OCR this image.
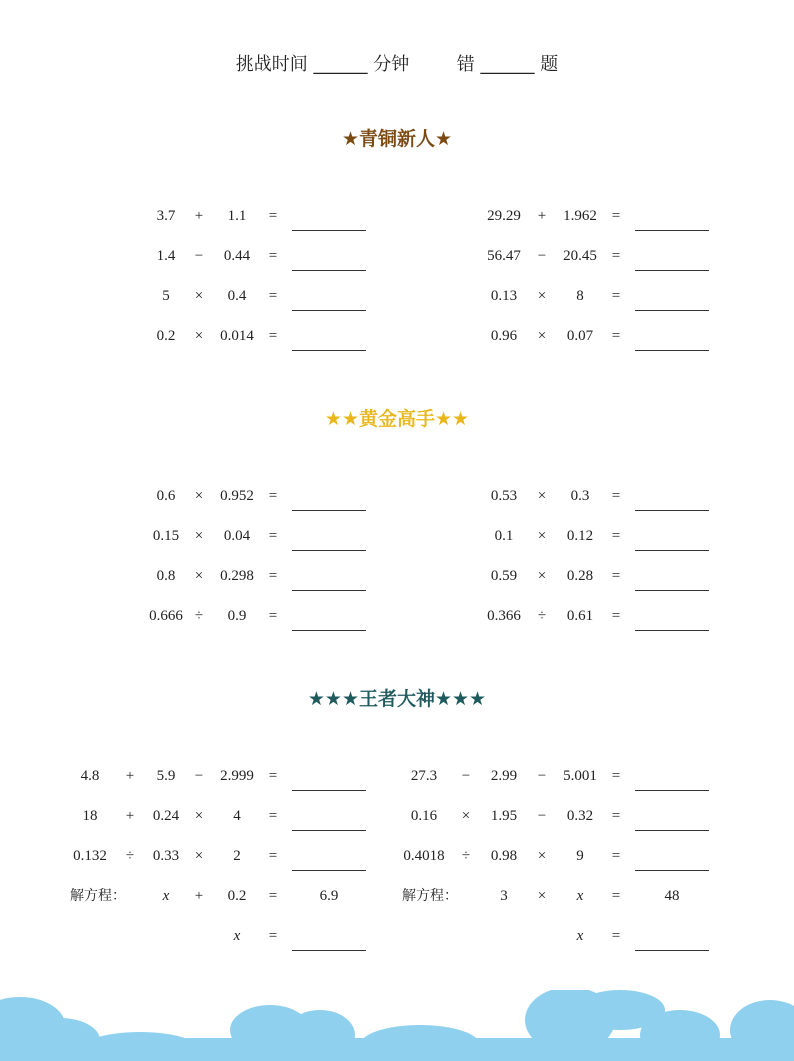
挑战时间 ______ 分钟	错 ______ 题
★青铜新人★
★★黄金高手★★
★★★王者大神★★★
3.7	+	1.1	=
1.4	−	0.44	=
5	×	0.4	=
0.2	×	0.014 =
29.29	+	1.962 =
56.47	−	20.45 =
0.13	×	8	=
0.96	×	0.07	=
0.6	×	0.952 =
0.15	×	0.04	=
0.8	×	0.298 =
0.666 ÷	0.9	=
0.53	×	0.3	=
0.1	×	0.12	=
0.59	×	0.28	=
0.366	÷	0.61	=
4.8	+	5.9	−	2.999 =
18	+	0.24	×	4	=
0.132	÷	0.33	×	2	=
27.3	−	2.99	−	5.001 =
0.16	×	1.95	−	0.32	=
0.4018	÷	0.98	×	9	=
解方程：	x	+	0.2	=	6.9
x	=
解方程：	3	×	x	=	48
x	=
